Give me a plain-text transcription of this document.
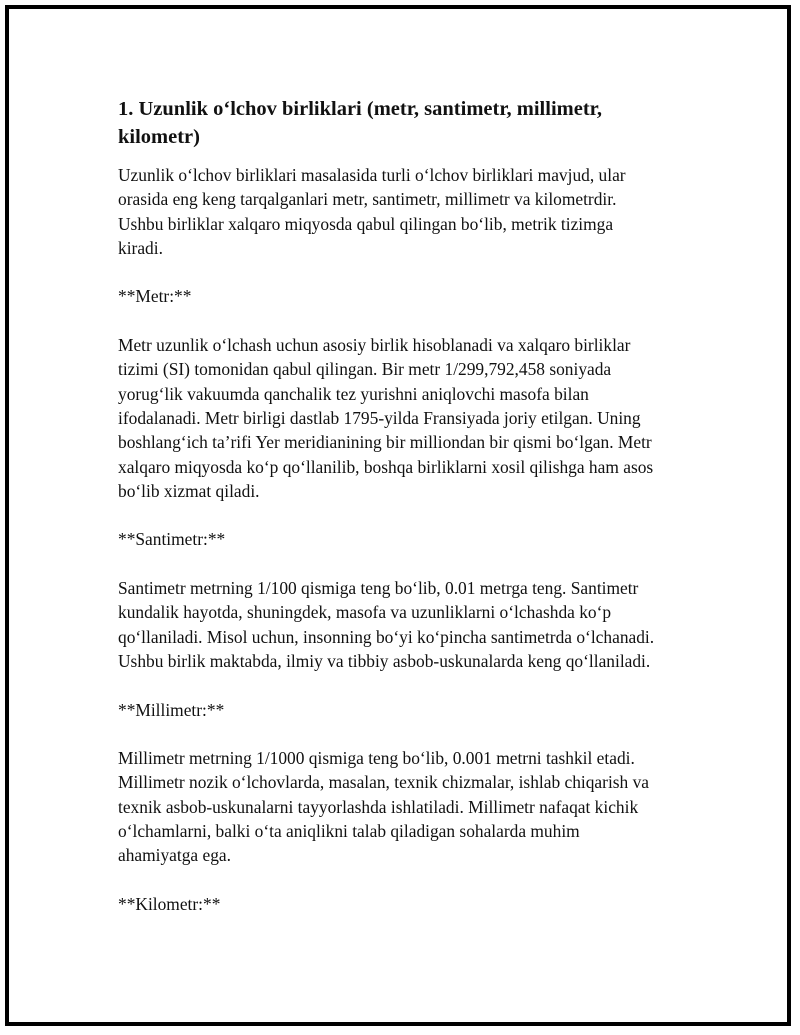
1. Uzunlik o‘lchov birliklari (metr, santimetr, millimetr,
kilometr)
Uzunlik o‘lchov birliklari masalasida turli o‘lchov birliklari mavjud, ular
orasida eng keng tarqalganlari metr, santimetr, millimetr va kilometrdir.
Ushbu birliklar xalqaro miqyosda qabul qilingan bo‘lib, metrik tizimga
kiradi.
**Metr:**
Metr uzunlik o‘lchash uchun asosiy birlik hisoblanadi va xalqaro birliklar
tizimi (SI) tomonidan qabul qilingan. Bir metr 1/299,792,458 soniyada
yorug‘lik vakuumda qanchalik tez yurishni aniqlovchi masofa bilan
ifodalanadi. Metr birligi dastlab 1795-yilda Fransiyada joriy etilgan. Uning
boshlang‘ich ta’rifi Yer meridianining bir milliondan bir qismi bo‘lgan. Metr
xalqaro miqyosda ko‘p qo‘llanilib, boshqa birliklarni xosil qilishga ham asos
bo‘lib xizmat qiladi.
**Santimetr:**
Santimetr metrning 1/100 qismiga teng bo‘lib, 0.01 metrga teng. Santimetr
kundalik hayotda, shuningdek, masofa va uzunliklarni o‘lchashda ko‘p
qo‘llaniladi. Misol uchun, insonning bo‘yi ko‘pincha santimetrda o‘lchanadi.
Ushbu birlik maktabda, ilmiy va tibbiy asbob-uskunalarda keng qo‘llaniladi.
**Millimetr:**
Millimetr metrning 1/1000 qismiga teng bo‘lib, 0.001 metrni tashkil etadi.
Millimetr nozik o‘lchovlarda, masalan, texnik chizmalar, ishlab chiqarish va
texnik asbob-uskunalarni tayyorlashda ishlatiladi. Millimetr nafaqat kichik
o‘lchamlarni, balki o‘ta aniqlikni talab qiladigan sohalarda muhim
ahamiyatga ega.
**Kilometr:**
